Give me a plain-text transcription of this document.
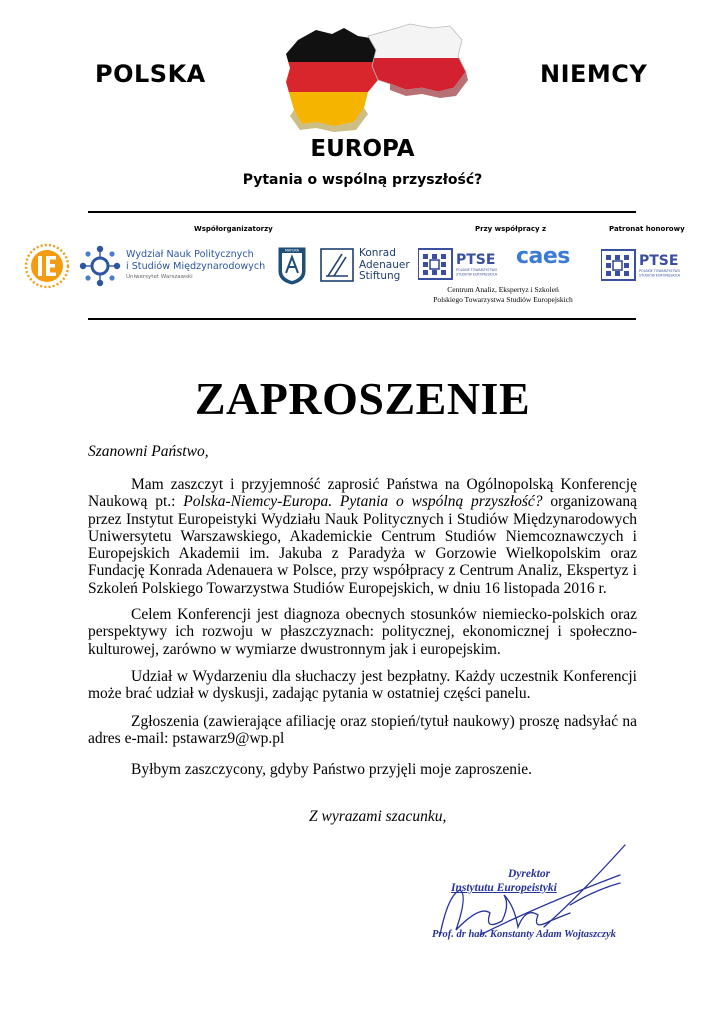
POLSKA	NIEMCY
EUROPA
Pytania o wspólną przyszłość?
Współorganizatorzy	Przy współpracy z	Patronat honorowy
Wydział Nauk Politycznych
i Studiów Międzynarodowych
Uniwersytet Warszawski
MATURA	Konrad
Adenauer
Stiftung
PTSE
POLSKIE TOWARZYSTWO
STUDIÓW EUROPEJSKICH
caes
Centrum Analiz, Ekspertyz i Szkoleń
Polskiego Towarzystwa Studiów Europejskich
PTSE
POLSKIE TOWARZYSTWO
STUDIÓW EUROPEJSKICH
ZAPROSZENIE
Szanowni Państwo,
Mam zaszczyt i przyjemność zaprosić Państwa na Ogólnopolską Konferencję Naukową pt.: Polska-Niemcy-Europa. Pytania o wspólną przyszłość? organizowaną przez Instytut Europeistyki Wydziału Nauk Politycznych i Studiów Międzynarodowych Uniwersytetu Warszawskiego, Akademickie Centrum Studiów Niemcoznawczych i Europejskich Akademii im. Jakuba z Paradyża w Gorzowie Wielkopolskim oraz Fundację Konrada Adenauera w Polsce, przy współpracy z Centrum Analiz, Ekspertyz i Szkoleń Polskiego Towarzystwa Studiów Europejskich, w dniu 16 listopada 2016 r.
Celem Konferencji jest diagnoza obecnych stosunków niemiecko-polskich oraz perspektywy ich rozwoju w płaszczyznach: politycznej, ekonomicznej i społeczno-kulturowej, zarówno w wymiarze dwustronnym jak i europejskim.
Udział w Wydarzeniu dla słuchaczy jest bezpłatny. Każdy uczestnik Konferencji może brać udział w dyskusji, zadając pytania w ostatniej części panelu.
Zgłoszenia (zawierające afiliację oraz stopień/tytuł naukowy) proszę nadsyłać na adres e-mail: pstawarz9@wp.pl
Byłbym zaszczycony, gdyby Państwo przyjęli moje zaproszenie.
Z wyrazami szacunku,
Dyrektor
Instytutu Europeistyki
Prof. dr hab. Konstanty Adam Wojtaszczyk
